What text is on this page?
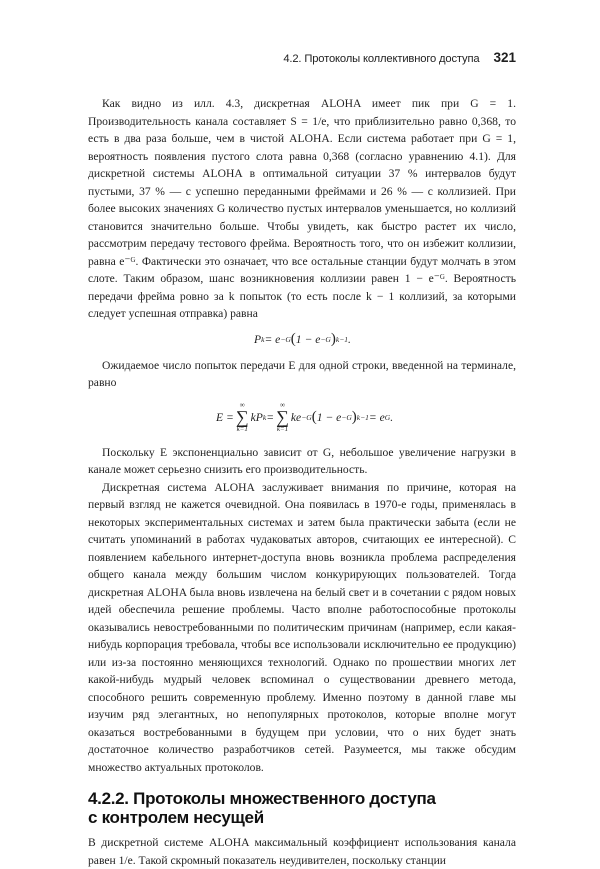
4.2. Протоколы коллективного доступа 321

Как видно из илл. 4.3, дискретная ALOHA имеет пик при G = 1. Производительность канала составляет S = 1/e, что приблизительно равно 0,368, то есть в два раза больше, чем в чистой ALOHA. Если система работает при G = 1, вероятность появления пустого слота равна 0,368 (согласно уравнению 4.1). Для дискретной системы ALOHA в оптимальной ситуации 37 % интервалов будут пустыми, 37 % — с успешно переданными фреймами и 26 % — с коллизией. При более высоких значениях G количество пустых интервалов уменьшается, но коллизий становится значительно больше. Чтобы увидеть, как быстро растет их число, рассмотрим передачу тестового фрейма. Вероятность того, что он избежит коллизии, равна e⁻ᴳ. Фактически это означает, что все остальные станции будут молчать в этом слоте. Таким образом, шанс возникновения коллизии равен 1 − e⁻ᴳ. Вероятность передачи фрейма ровно за k попыток (то есть после k − 1 коллизий, за которыми следует успешная отправка) равна

P k = e −G ( 1 − e −G ) k−1 .

Ожидаемое число попыток передачи E для одной строки, введенной на терминале, равно

E =
∞
∑
k=1
kP k =
∞
∑
k=1
ke −G ( 1 − e −G ) k−1 = e G .

Поскольку E экспоненциально зависит от G, небольшое увеличение нагрузки в канале может серьезно снизить его производительность.

Дискретная система ALOHA заслуживает внимания по причине, которая на первый взгляд не кажется очевидной. Она появилась в 1970-е годы, применялась в некоторых экспериментальных системах и затем была практически забыта (если не считать упоминаний в работах чудаковатых авторов, считающих ее интересной). С появлением кабельного интернет-доступа вновь возникла проблема распределения общего канала между большим числом конкурирующих пользователей. Тогда дискретная ALOHA была вновь извлечена на белый свет и в сочетании с рядом новых идей обеспечила решение проблемы. Часто вполне работоспособные протоколы оказывались невостребованными по политическим причинам (например, если какая-нибудь корпорация требовала, чтобы все использовали исключительно ее продукцию) или из-за постоянно меняющихся технологий. Однако по прошествии многих лет какой-нибудь мудрый человек вспоминал о существовании древнего метода, способного решить современную проблему. Именно поэтому в данной главе мы изучим ряд элегантных, но непопулярных протоколов, которые вполне могут оказаться востребованными в будущем при условии, что о них будет знать достаточное количество разработчиков сетей. Разумеется, мы также обсудим множество актуальных протоколов.

4.2.2. Протоколы множественного доступа
с контролем несущей

В дискретной системе ALOHA максимальный коэффициент использования канала равен 1/e. Такой скромный показатель неудивителен, поскольку станции
